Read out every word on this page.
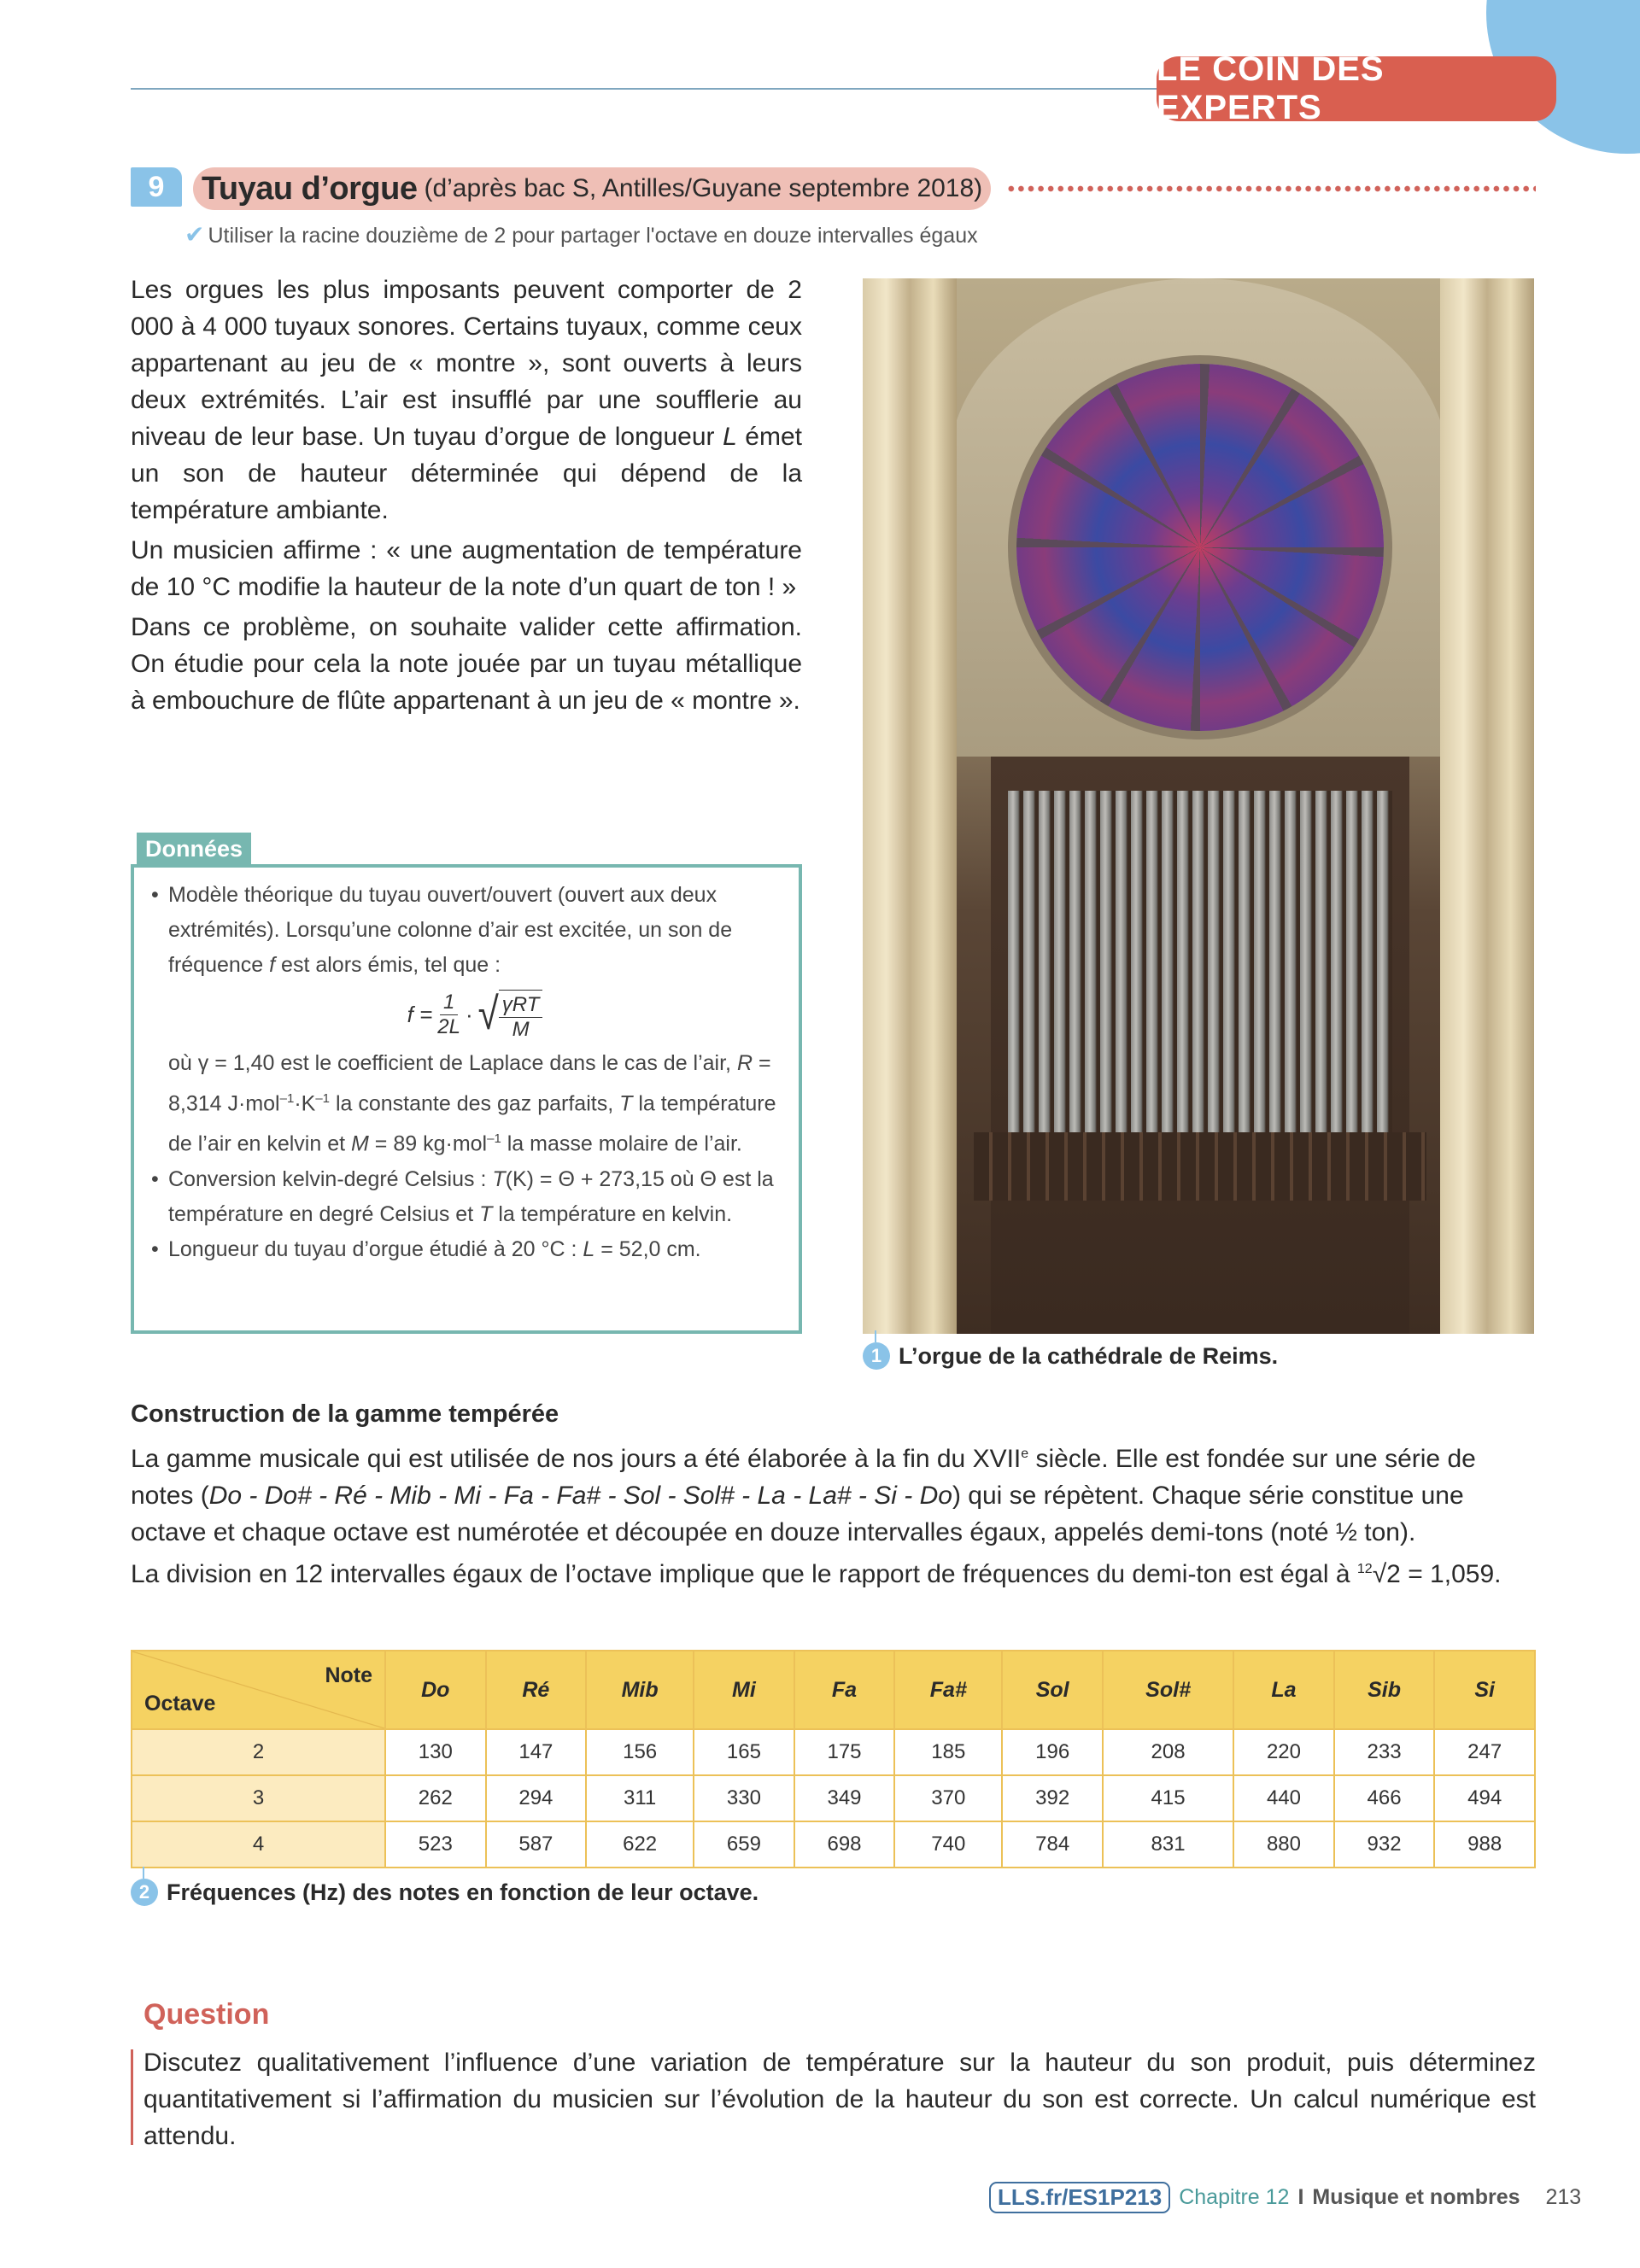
LE COIN DES EXPERTS
9	Tuyau d’orgue (d’après bac S, Antilles/Guyane septembre 2018)
✔ Utiliser la racine douzième de 2 pour partager l'octave en douze intervalles égaux

Les orgues les plus imposants peuvent comporter de 2 000 à 4 000 tuyaux sonores. Certains tuyaux, comme ceux appartenant au jeu de « montre », sont ouverts à leurs deux extrémités. L’air est insufflé par une soufflerie au niveau de leur base. Un tuyau d’orgue de longueur L émet un son de hauteur déterminée qui dépend de la température ambiante.

Un musicien affirme : « une augmentation de température de 10 °C modifie la hauteur de la note d’un quart de ton ! »

Dans ce problème, on souhaite valider cette affirmation. On étudie pour cela la note jouée par un tuyau métallique à embouchure de flûte appartenant à un jeu de « montre ».

Données
• Modèle théorique du tuyau ouvert/ouvert (ouvert aux deux extrémités). Lorsqu’une colonne d’air est excitée, un son de fréquence f est alors émis, tel que :
$f = \frac{1}{2L}$ · √ $\frac{\text{γRT}}{M}$
où γ = 1,40 est le coefficient de Laplace dans le cas de l’air, R = 8,314 $J\cdot mol^{-1}\cdot K^{-1}$ la constante des gaz parfaits, T la température de l’air en kelvin et M = 89 kg·mol$^{-1}$ la masse molaire de l’air.
• Conversion kelvin-degré Celsius : T(K) = Θ + 273,15 où Θ est la température en degré Celsius et T la température en kelvin.
• Longueur du tuyau d’orgue étudié à 20 °C : L = 52,0 cm.
1 L’orgue de la cathédrale de Reims.
Construction de la gamme tempérée

La gamme musicale qui est utilisée de nos jours a été élaborée à la fin du XVIIe siècle. Elle est fondée sur une série de notes (Do - Do# - Ré - Mib - Mi - Fa - Fa# - Sol - Sol# - La - La# - Si - Do) qui se répètent. Chaque série constitue une octave et chaque octave est numérotée et découpée en douze intervalles égaux, appelés demi-tons (noté ½ ton).

La division en 12 intervalles égaux de l’octave implique que le rapport de fréquences du demi-ton est égal à $^{12}$√2 = 1,059.

Note
Octave	Do	Ré	Mib	Mi	Fa	Fa#	Sol	Sol#	La	Sib	Si
2	130	147	156	165	175	185	196	208	220	233	247
3	262	294	311	330	349	370	392	415	440	466	494
4	523	587	622	659	698	740	784	831	880	932	988
2 Fréquences (Hz) des notes en fonction de leur octave.
Question
Discutez qualitativement l’influence d’une variation de température sur la hauteur du son produit, puis déterminez quantitativement si l’affirmation du musicien sur l’évolution de la hauteur du son est correcte. Un calcul numérique est attendu.
LLS.fr/ES1P213 Chapitre 12 I Musique et nombres 213
